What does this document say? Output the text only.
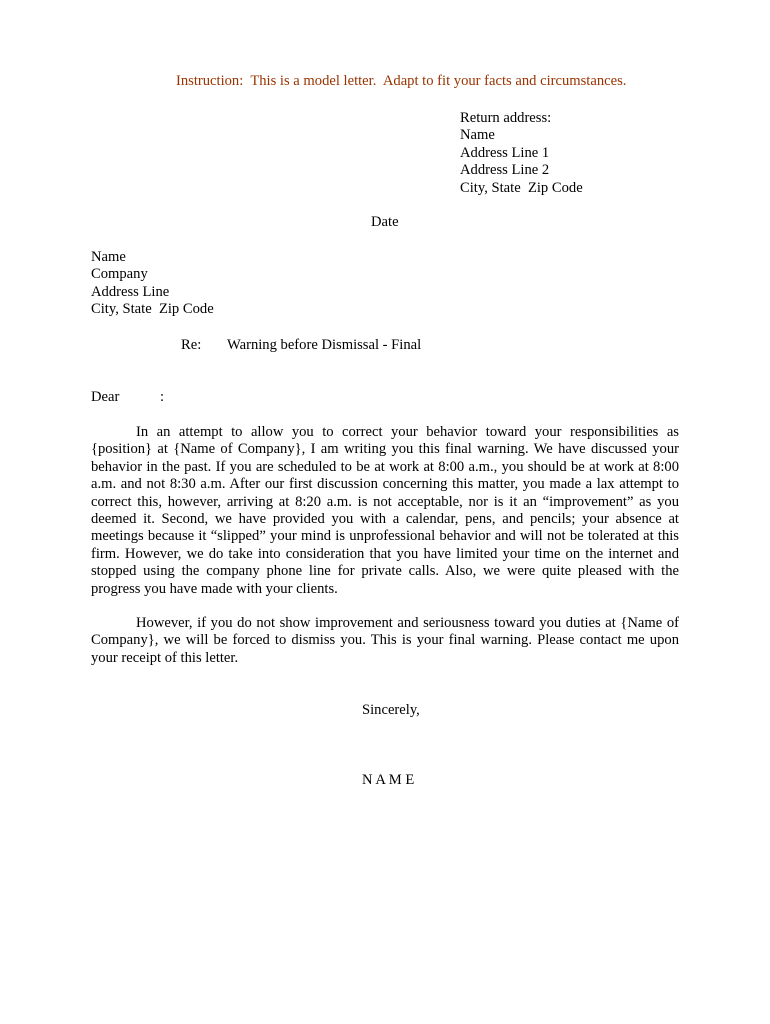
Instruction:  This is a model letter.  Adapt to fit your facts and circumstances.
Return address:
Name
Address Line 1
Address Line 2
City, State  Zip Code
Date
Name
Company
Address Line
City, State  Zip Code
Re: Warning before Dismissal - Final
Dear	:
In an attempt to allow you to correct your behavior toward your responsibilities as {position} at {Name of Company}, I am writing you this final warning. We have discussed your behavior in the past. If you are scheduled to be at work at 8:00 a.m., you should be at work at 8:00 a.m. and not 8:30 a.m. After our first discussion concerning this matter, you made a lax attempt to correct this, however, arriving at 8:20 a.m. is not acceptable, nor is it an “improvement” as you deemed it. Second, we have provided you with a calendar, pens, and pencils; your absence at meetings because it “slipped” your mind is unprofessional behavior and will not be tolerated at this firm. However, we do take into consideration that you have limited your time on the internet and stopped using the company phone line for private calls. Also, we were quite pleased with the progress you have made with your clients.
However, if you do not show improvement and seriousness toward you duties at {Name of Company}, we will be forced to dismiss you. This is your final warning. Please contact me upon your receipt of this letter.
Sincerely,
N A M E
